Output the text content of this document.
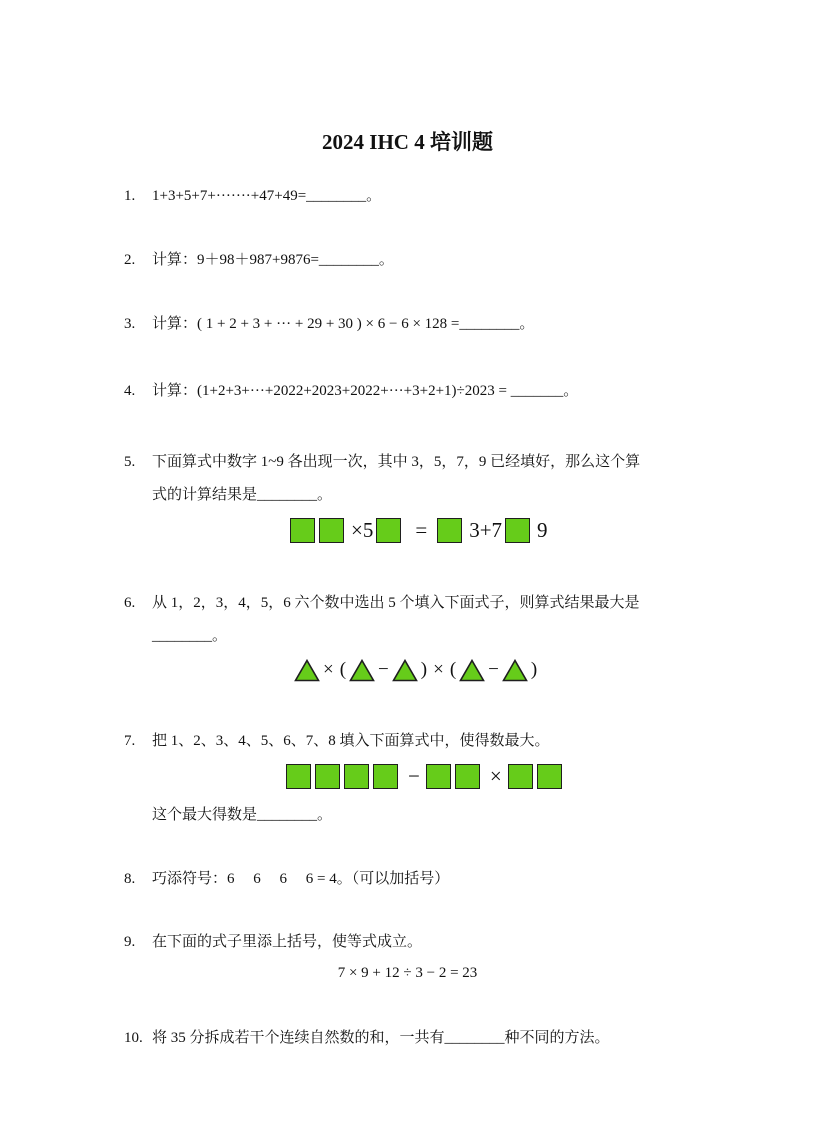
2024 IHC 4 培训题
1. 1+3+5+7+·······+47+49=________。
2. 计算：9＋98＋987+9876=________。
3. 计算：( 1 + 2 + 3 + ··· + 29 + 30 ) × 6 − 6 × 128 =________。
4. 计算：(1+2+3+···+2022+2023+2022+···+3+2+1)÷2023 = _______。
5. 下面算式中数字 1~9 各出现一次，其中 3，5，7，9 已经填好，那么这个算
式的计算结果是________。
×5 = 3+7 9
6. 从 1，2，3，4，5，6 六个数中选出 5 个填入下面式子，则算式结果最大是
________。
× ( − ) × ( − )
7. 把 1、2、3、4、5、6、7、8 填入下面算式中，使得数最大。
−	×
这个最大得数是________。
8. 巧添符号：6     6     6     6 = 4。（可以加括号）
9. 在下面的式子里添上括号，使等式成立。
7 × 9 + 12 ÷ 3 − 2 = 23
10. 将 35 分拆成若干个连续自然数的和，一共有________种不同的方法。
